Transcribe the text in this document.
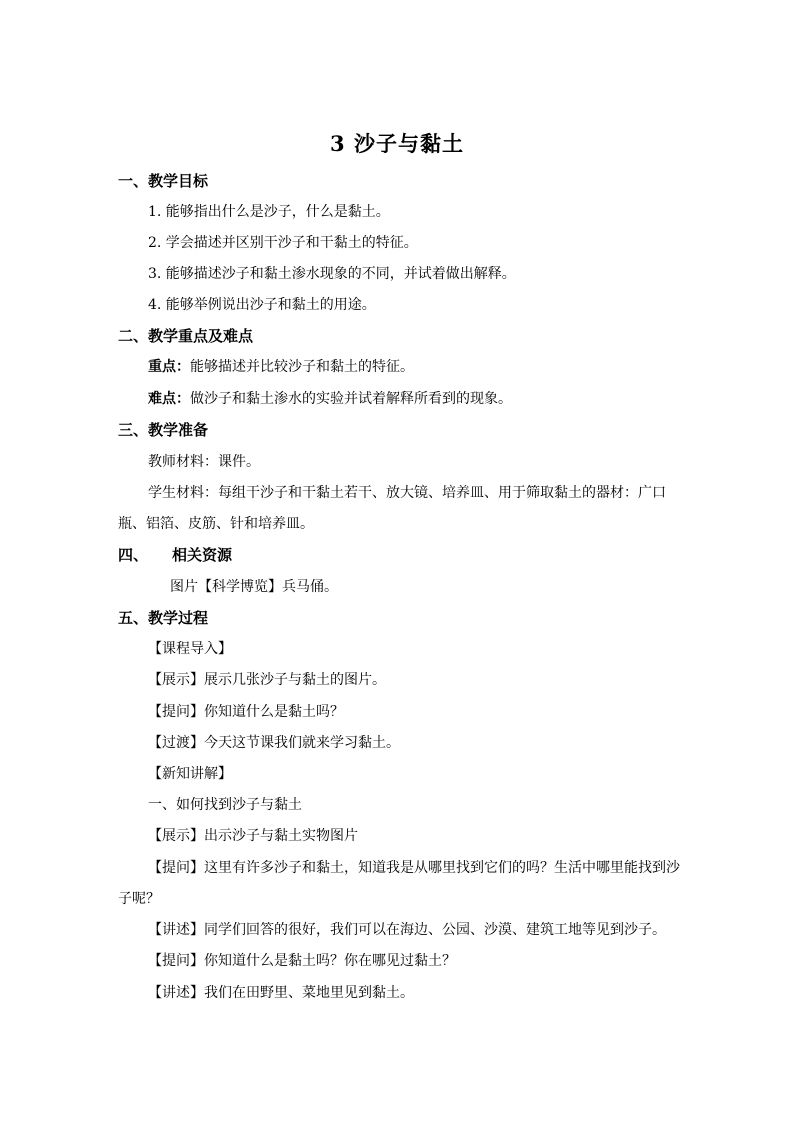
3 沙子与黏土
一、教学目标
1. 能够指出什么是沙子，什么是黏土。
2. 学会描述并区别干沙子和干黏土的特征。
3. 能够描述沙子和黏土渗水现象的不同，并试着做出解释。
4. 能够举例说出沙子和黏土的用途。
二、教学重点及难点
重点：能够描述并比较沙子和黏土的特征。
难点：做沙子和黏土渗水的实验并试着解释所看到的现象。
三、教学准备
教师材料：课件。
学生材料：每组干沙子和干黏土若干、放大镜、培养皿、用于筛取黏土的器材：广口
瓶、铝箔、皮筋、针和培养皿。
四、 相关资源
图片【科学博览】兵马俑。
五、教学过程
【课程导入】
【展示】展示几张沙子与黏土的图片。
【提问】你知道什么是黏土吗？
【过渡】今天这节课我们就来学习黏土。
【新知讲解】
一、如何找到沙子与黏土
【展示】出示沙子与黏土实物图片
【提问】这里有许多沙子和黏土，知道我是从哪里找到它们的吗？生活中哪里能找到沙
子呢？
【讲述】同学们回答的很好，我们可以在海边、公园、沙漠、建筑工地等见到沙子。
【提问】你知道什么是黏土吗？你在哪见过黏土？
【讲述】我们在田野里、菜地里见到黏土。
